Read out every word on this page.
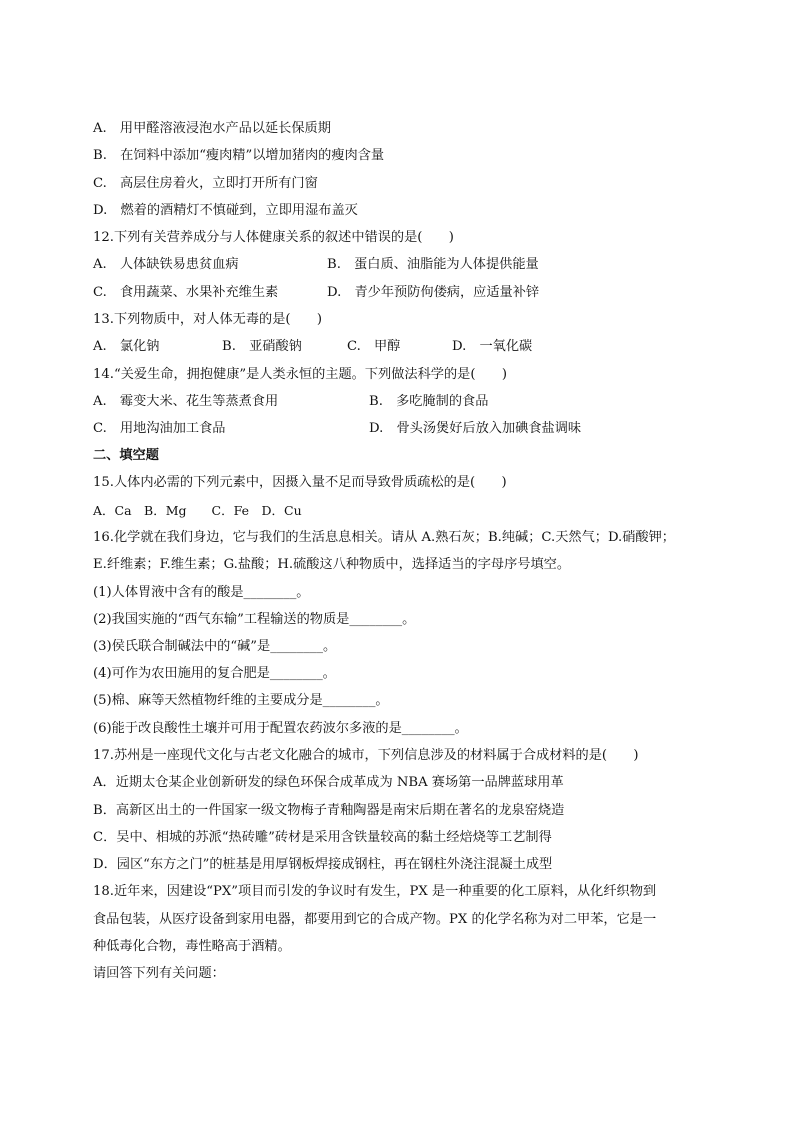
A.　用甲醛溶液浸泡水产品以延长保质期
B.　在饲料中添加“瘦肉精”以增加猪肉的瘦肉含量
C.　高层住房着火，立即打开所有门窗
D.　燃着的酒精灯不慎碰到，立即用湿布盖灭
12.下列有关营养成分与人体健康关系的叙述中错误的是(　　)
A.　人体缺铁易患贫血病	B.　蛋白质、油脂能为人体提供能量
C.　食用蔬菜、水果补充维生素	D.　青少年预防佝偻病，应适量补锌
13.下列物质中，对人体无毒的是(　　)
A.　氯化钠	B.　亚硝酸钠	C.　甲醇	D.　一氧化碳
14.“关爱生命，拥抱健康”是人类永恒的主题。下列做法科学的是(　　)
A.　霉变大米、花生等蒸煮食用	B.　多吃腌制的食品
C.　用地沟油加工食品	D.　骨头汤煲好后放入加碘食盐调味
二、填空题
15.人体内必需的下列元素中，因摄入量不足而导致骨质疏松的是(　　)
A．Ca　B．Mg　　C．Fe　D．Cu
16.化学就在我们身边，它与我们的生活息息相关。请从 A.熟石灰；B.纯碱；C.天然气；D.硝酸钾；
E.纤维素；F.维生素；G.盐酸；H.硫酸这八种物质中，选择适当的字母序号填空。
(1)人体胃液中含有的酸是________。
(2)我国实施的“西气东输”工程输送的物质是________。
(3)侯氏联合制碱法中的“碱”是________。
(4)可作为农田施用的复合肥是________。
(5)棉、麻等天然植物纤维的主要成分是________。
(6)能于改良酸性土壤并可用于配置农药波尔多液的是________。
17.苏州是一座现代文化与古老文化融合的城市，下列信息涉及的材料属于合成材料的是(　　)
A．近期太仓某企业创新研发的绿色环保合成革成为 NBA 赛场第一品牌蓝球用革
B．高新区出土的一件国家一级文物梅子青釉陶器是南宋后期在著名的龙泉窑烧造
C．吴中、相城的苏派“热砖雕”砖材是采用含铁量较高的黏土经焙烧等工艺制得
D．园区“东方之门”的桩基是用厚钢板焊接成钢柱，再在钢柱外浇注混凝土成型
18.近年来，因建设“PX”项目而引发的争议时有发生，PX 是一种重要的化工原料，从化纤织物到
食品包装，从医疗设备到家用电器，都要用到它的合成产物。PX 的化学名称为对二甲苯，它是一
种低毒化合物，毒性略高于酒精。
请回答下列有关问题：
